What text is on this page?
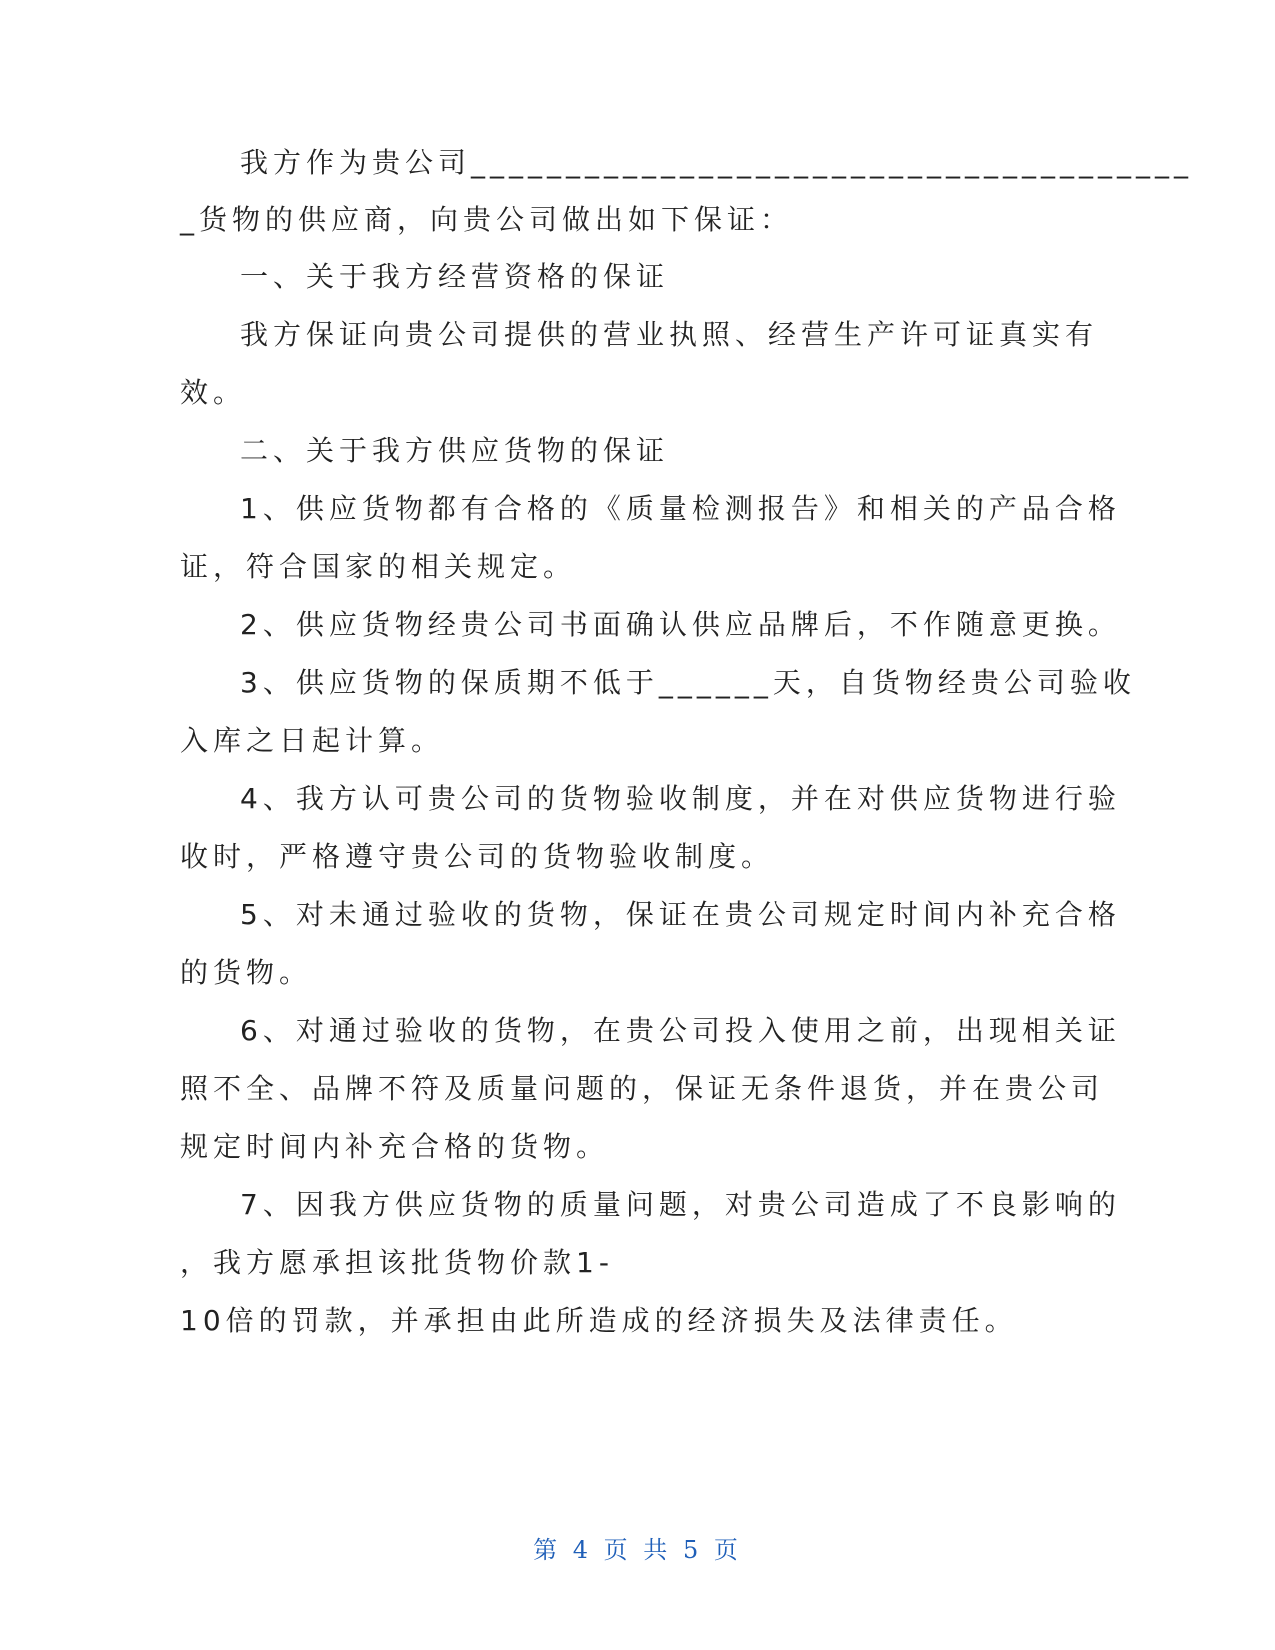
我方作为贵公司______________________________________
_货物的供应商，向贵公司做出如下保证：
一、关于我方经营资格的保证
我方保证向贵公司提供的营业执照、经营生产许可证真实有
效。
二、关于我方供应货物的保证
1、供应货物都有合格的《质量检测报告》和相关的产品合格
证，符合国家的相关规定。
2、供应货物经贵公司书面确认供应品牌后，不作随意更换。
3、供应货物的保质期不低于______天，自货物经贵公司验收
入库之日起计算。
4、我方认可贵公司的货物验收制度，并在对供应货物进行验
收时，严格遵守贵公司的货物验收制度。
5、对未通过验收的货物，保证在贵公司规定时间内补充合格
的货物。
6、对通过验收的货物，在贵公司投入使用之前，出现相关证
照不全、品牌不符及质量问题的，保证无条件退货，并在贵公司
规定时间内补充合格的货物。
7、因我方供应货物的质量问题，对贵公司造成了不良影响的
，我方愿承担该批货物价款1-
10倍的罚款，并承担由此所造成的经济损失及法律责任。
第 4 页 共 5 页
